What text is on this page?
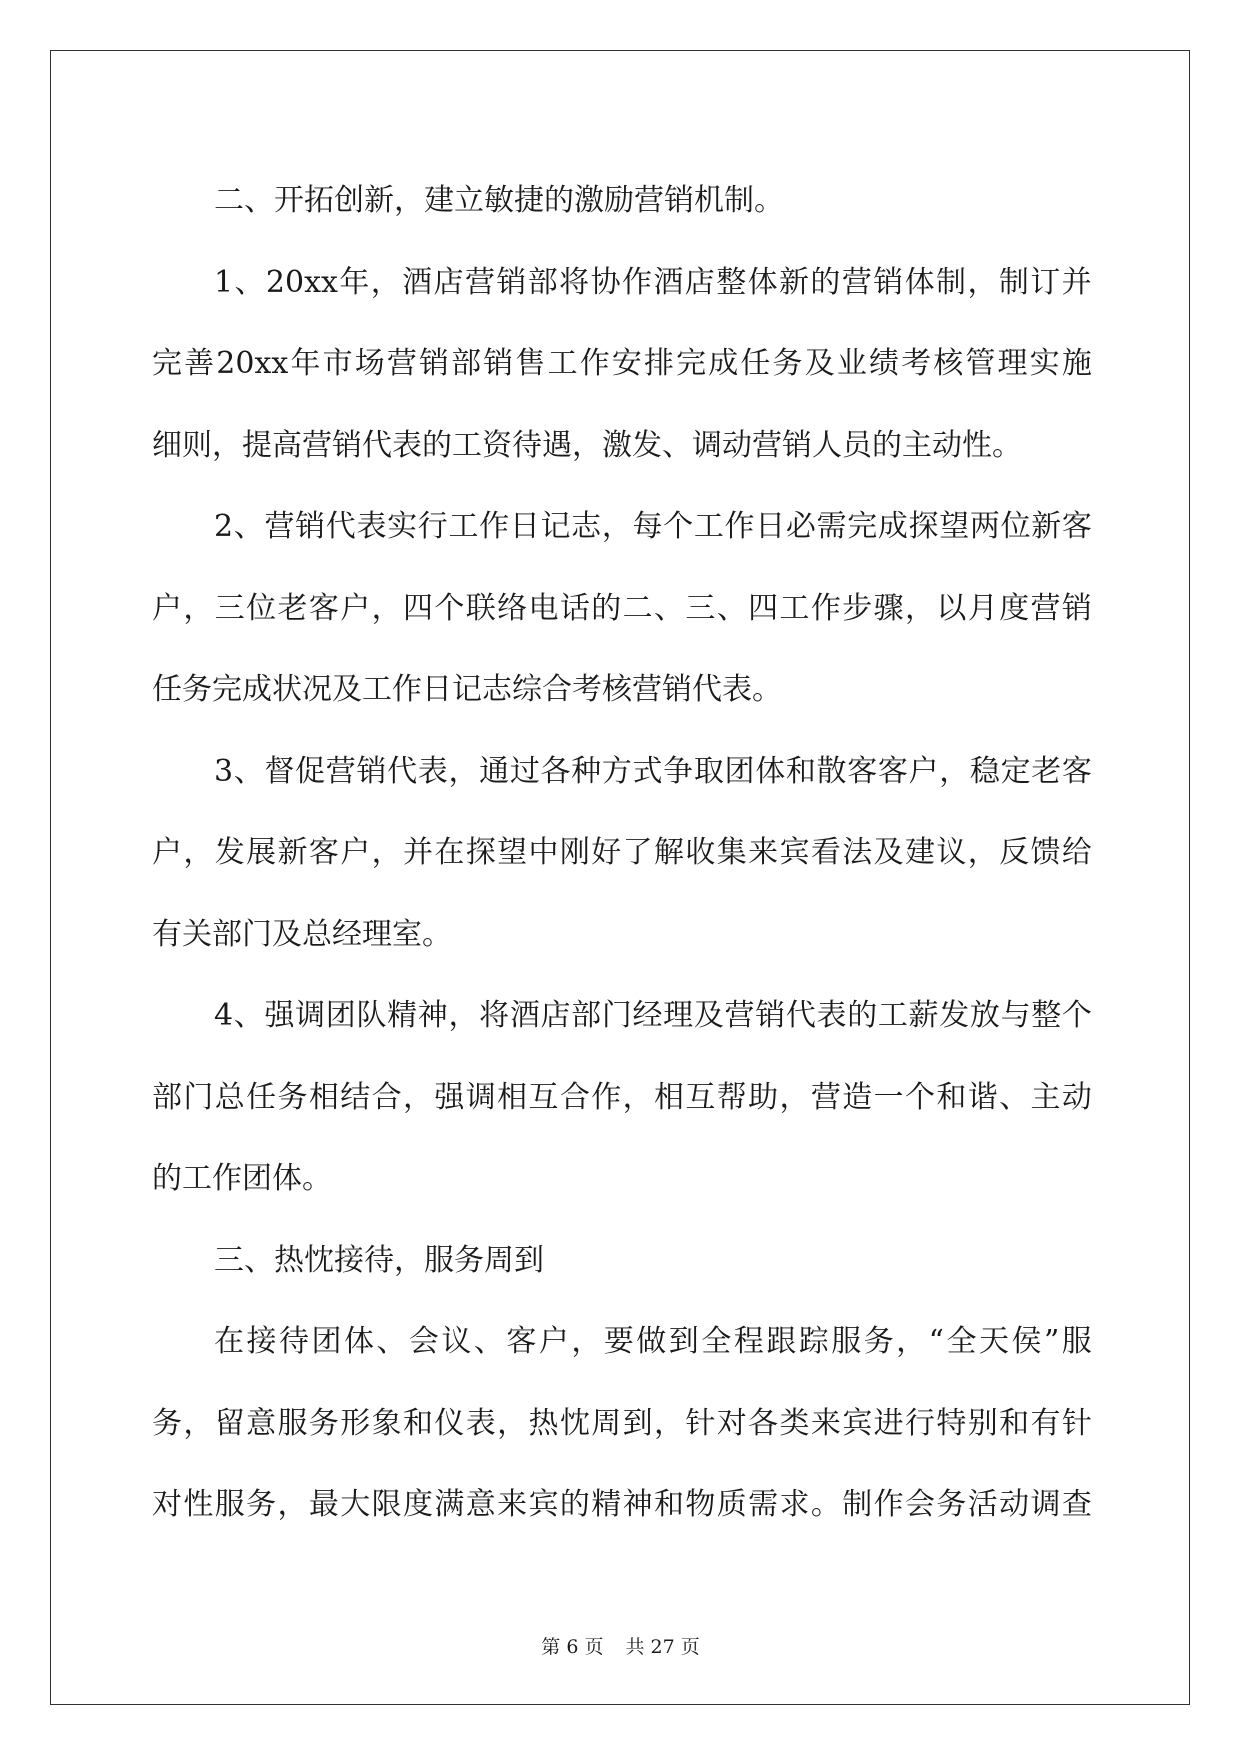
二、开拓创新，建立敏捷的激励营销机制。

1 、 20xx 年 ， 酒 店 营 销 部 将 协 作 酒 店 整 体 新 的 营 销 体 制 ， 制 订 并

完 善 20xx 年 市 场 营 销 部 销 售 工 作 安 排 完 成 任 务 及 业 绩 考 核 管 理 实 施

细则，提高营销代表的工资待遇，激发、调动营销人员的主动性。

2 、 营 销 代 表 实 行 工 作 日 记 志 ， 每 个 工 作 日 必 需 完 成 探 望 两 位 新 客

户 ， 三 位 老 客 户 ， 四 个 联 络 电 话 的 二 、 三 、 四 工 作 步 骤 ， 以 月 度 营 销

任务完成状况及工作日记志综合考核营销代表。

3 、 督 促 营 销 代 表 ， 通 过 各 种 方 式 争 取 团 体 和 散 客 客 户 ， 稳 定 老 客

户 ， 发 展 新 客 户 ， 并 在 探 望 中 刚 好 了 解 收 集 来 宾 看 法 及 建 议 ， 反 馈 给

有关部门及总经理室。

4 、 强 调 团 队 精 神 ， 将 酒 店 部 门 经 理 及 营 销 代 表 的 工 薪 发 放 与 整 个

部 门 总 任 务 相 结 合 ， 强 调 相 互 合 作 ， 相 互 帮 助 ， 营 造 一 个 和 谐 、 主 动

的工作团体。

三、热忱接待，服务周到

在 接 待 团 体 、 会 议 、 客 户 ， 要 做 到 全 程 跟 踪 服 务 ， “ 全 天 侯 ” 服

务 ， 留 意 服 务 形 象 和 仪 表 ， 热 忱 周 到 ， 针 对 各 类 来 宾 进 行 特 别 和 有 针

对 性 服 务 ， 最 大 限 度 满 意 来 宾 的 精 神 和 物 质 需 求 。 制 作 会 务 活 动 调 查

第 6 页 共 27 页
